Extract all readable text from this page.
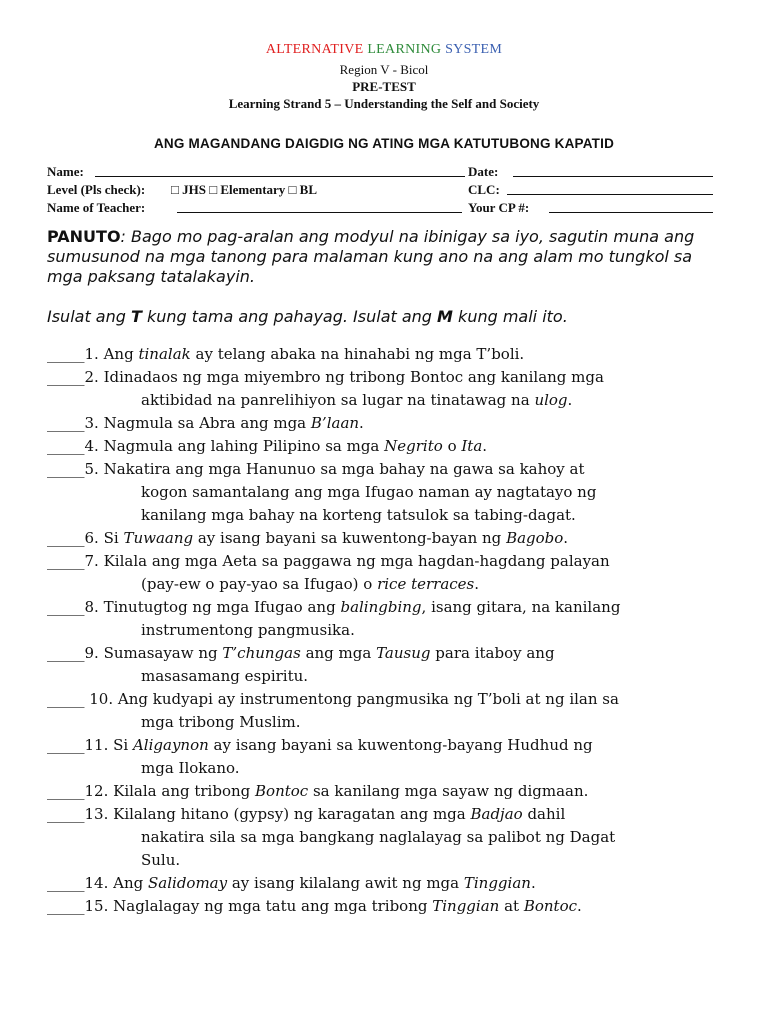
ALTERNATIVE LEARNING SYSTEM
Region V - Bicol
PRE-TEST
Learning Strand 5 – Understanding the Self and Society
ANG MAGANDANG DAIGDIG NG ATING MGA KATUTUBONG KAPATID
Name:	Date:
Level (Pls check): □ JHS □ Elementary □ BL	CLC:
Name of Teacher:	Your CP #:
PANUTO: Bago mo pag-aralan ang modyul na ibinigay sa iyo, sagutin muna ang sumusunod na mga tanong para malaman kung ano na ang alam mo tungkol sa mga paksang tatalakayin.
Isulat ang T kung tama ang pahayag. Isulat ang M kung mali ito.
_____1. Ang tinalak ay telang abaka na hinahabi ng mga T’boli.
_____2. Idinadaos ng mga miyembro ng tribong Bontoc ang kanilang mga
aktibidad na panrelihiyon sa lugar na tinatawag na ulog.
_____3. Nagmula sa Abra ang mga B’laan.
_____4. Nagmula ang lahing Pilipino sa mga Negrito o Ita.
_____5. Nakatira ang mga Hanunuo sa mga bahay na gawa sa kahoy at
kogon samantalang ang mga Ifugao naman ay nagtatayo ng
kanilang mga bahay na korteng tatsulok sa tabing-dagat.
_____6. Si Tuwaang ay isang bayani sa kuwentong-bayan ng Bagobo.
_____7. Kilala ang mga Aeta sa paggawa ng mga hagdan-hagdang palayan
(pay-ew o pay-yao sa Ifugao) o rice terraces.
_____8. Tinutugtog ng mga Ifugao ang balingbing, isang gitara, na kanilang
instrumentong pangmusika.
_____9. Sumasayaw ng T’chungas ang mga Tausug para itaboy ang
masasamang espiritu.
_____ 10. Ang kudyapi ay instrumentong pangmusika ng T’boli at ng ilan sa
mga tribong Muslim.
_____11. Si Aligaynon ay isang bayani sa kuwentong-bayang Hudhud ng
mga Ilokano.
_____12. Kilala ang tribong Bontoc sa kanilang mga sayaw ng digmaan.
_____13. Kilalang hitano (gypsy) ng karagatan ang mga Badjao dahil
nakatira sila sa mga bangkang naglalayag sa palibot ng Dagat
Sulu.
_____14. Ang Salidomay ay isang kilalang awit ng mga Tinggian.
_____15. Naglalagay ng mga tatu ang mga tribong Tinggian at Bontoc.
